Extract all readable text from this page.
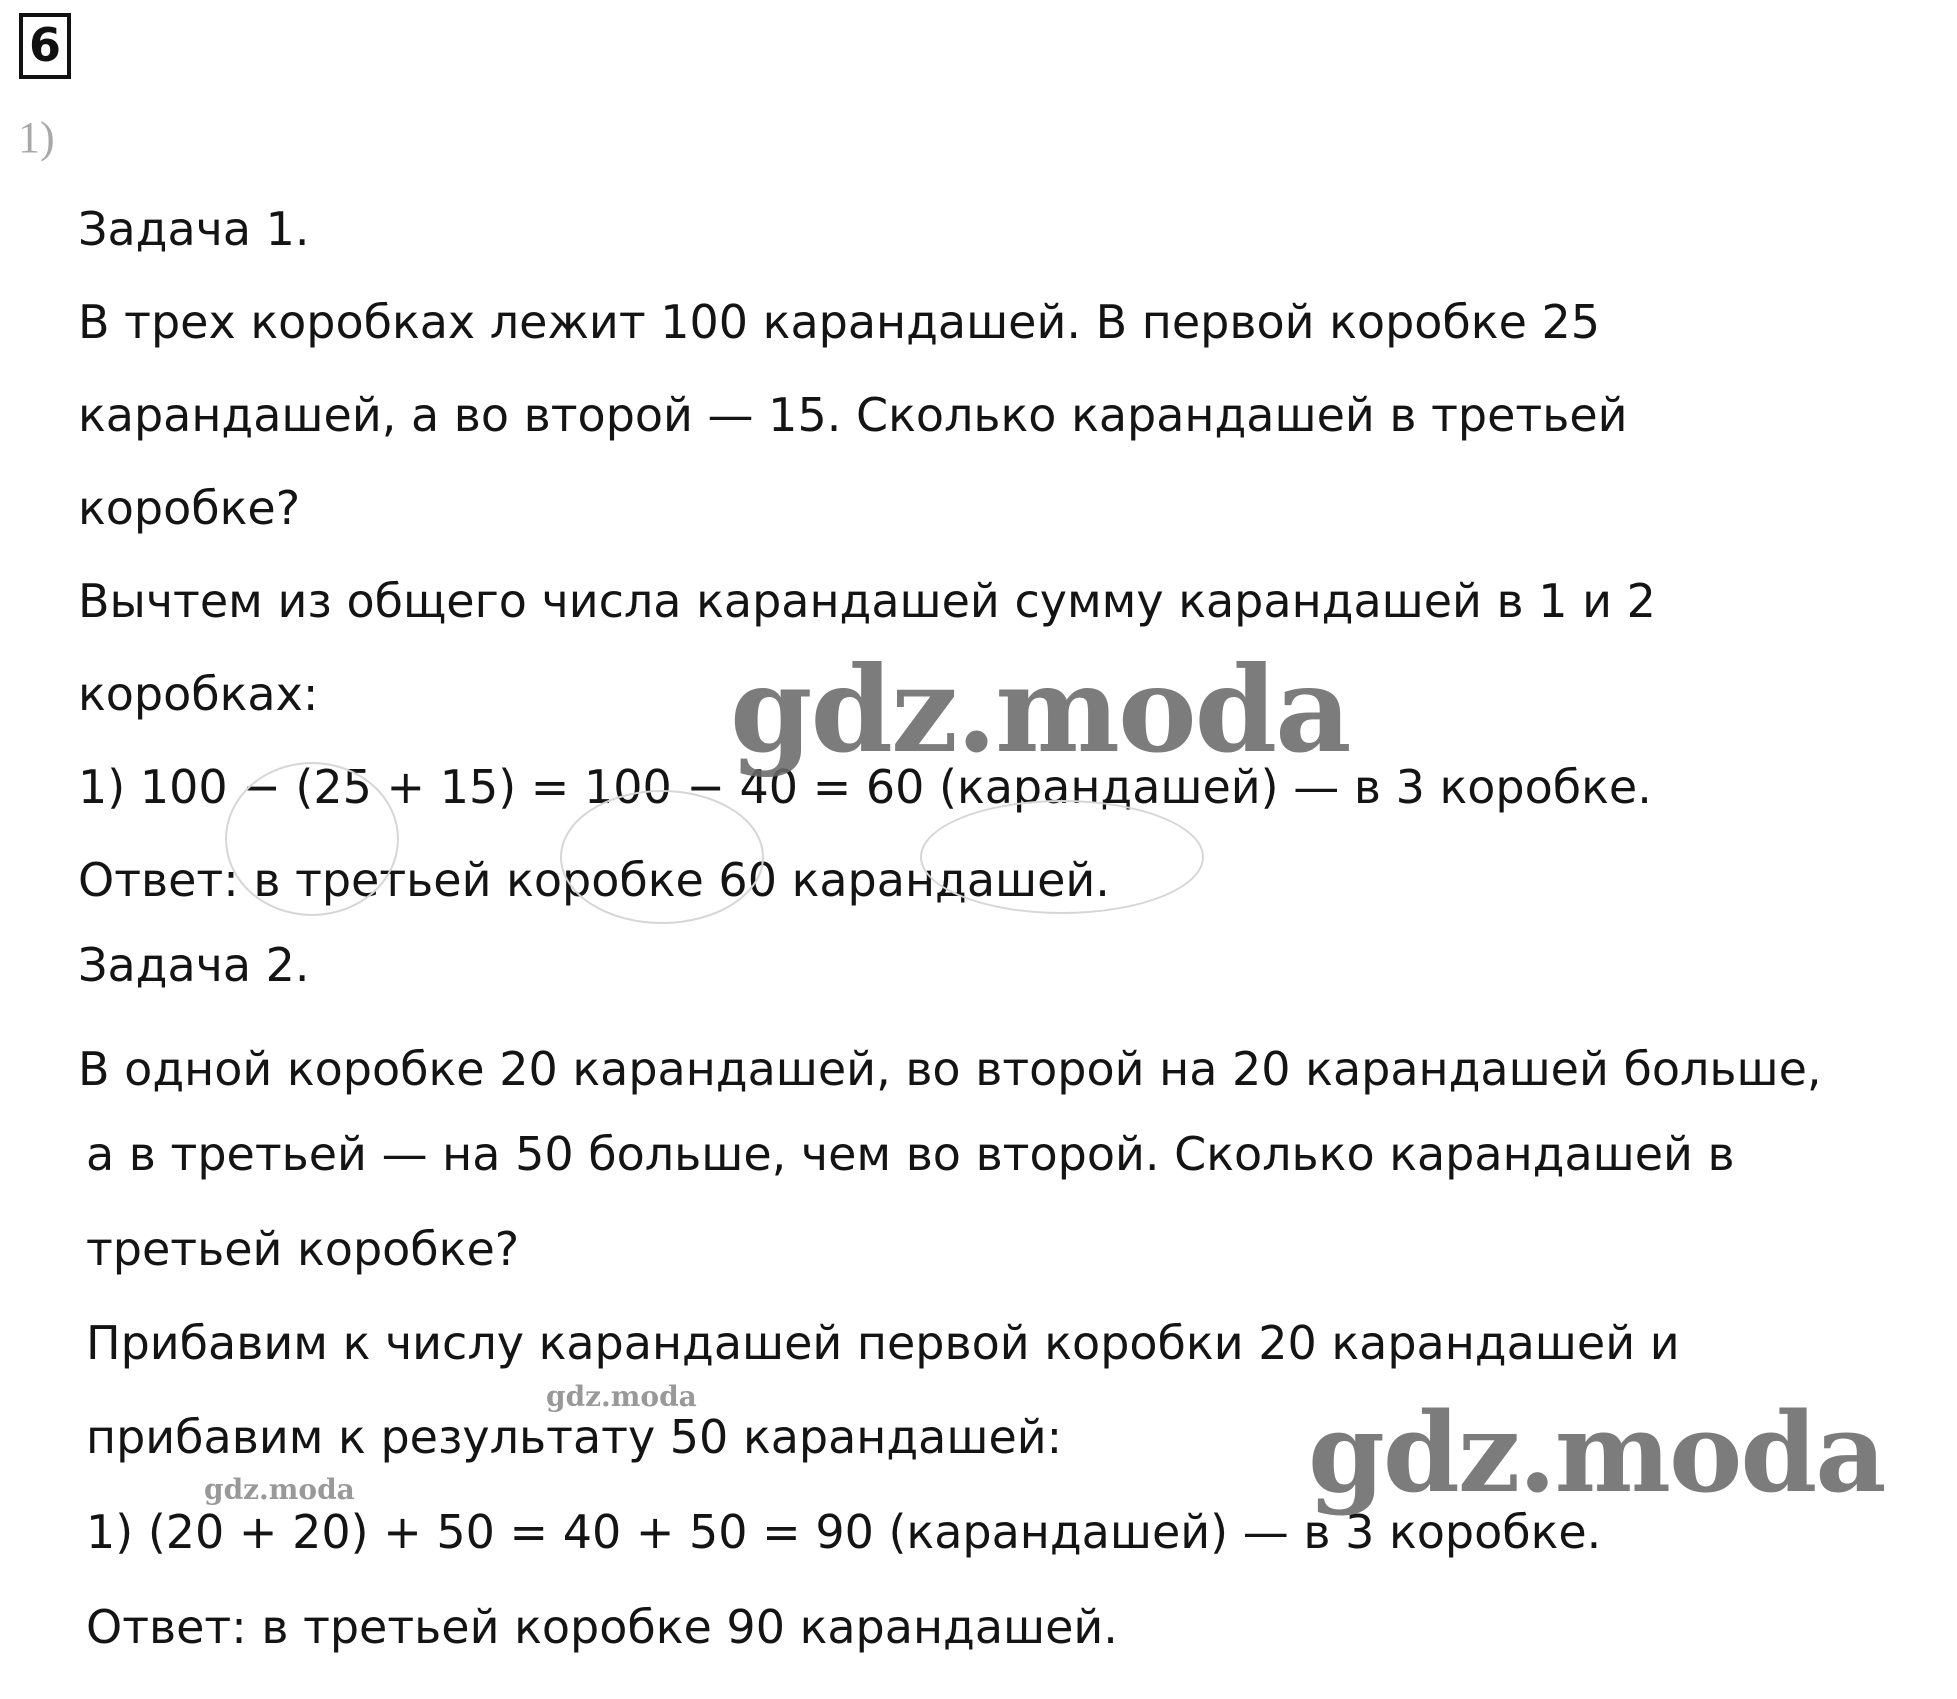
6
1)
Задача 1.
В трех коробках лежит 100 карандашей. В первой коробке 25
карандашей, а во второй — 15. Сколько карандашей в третьей
коробке?
Вычтем из общего числа карандашей сумму карандашей в 1 и 2
коробках:
1) 100 − (25 + 15) = 100 − 40 = 60 (карандашей) — в 3 коробке.
Ответ: в третьей коробке 60 карандашей.
Задача 2.
В одной коробке 20 карандашей, во второй на 20 карандашей больше,
а в третьей — на 50 больше, чем во второй. Сколько карандашей в
третьей коробке?
Прибавим к числу карандашей первой коробки 20 карандашей и
прибавим к результату 50 карандашей:
1) (20 + 20) + 50 = 40 + 50 = 90 (карандашей) — в 3 коробке.
Ответ: в третьей коробке 90 карандашей.
gdz.moda
gdz.moda
gdz.moda
gdz.moda
